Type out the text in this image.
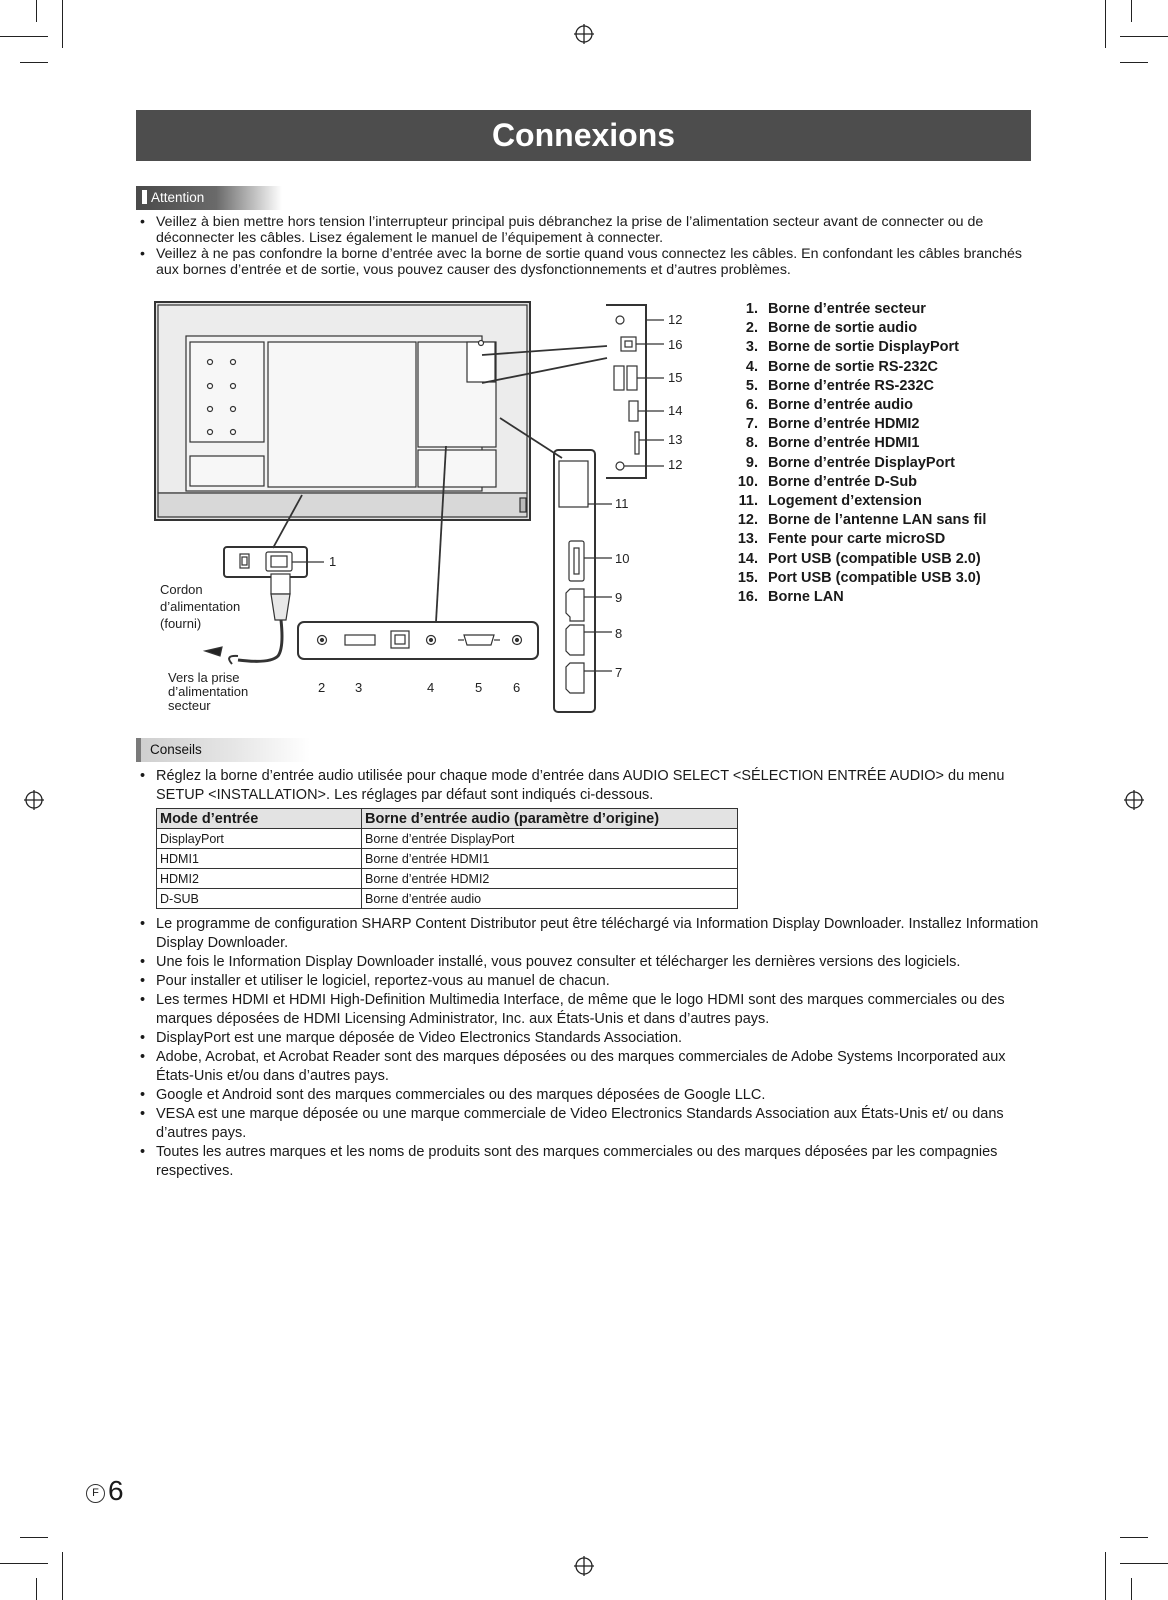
Connexions
Attention
• Veillez à bien mettre hors tension l’interrupteur principal puis débranchez la prise de l’alimentation secteur avant de connecter ou de déconnecter les câbles. Lisez également le manuel de l’équipement à connecter.
• Veillez à ne pas confondre la borne d’entrée avec la borne de sortie quand vous connectez les câbles. En confondant les câbles branchés aux bornes d’entrée et de sortie, vous pouvez causer des dysfonctionnements et d’autres problèmes.
12
16
15
14
13
12
11
10
9
8
7
2 3	4	5 6
1
Cordon
d’alimentation
(fourni)
Vers la prise
d’alimentation
secteur
1. Borne d’entrée secteur
2. Borne de sortie audio
3. Borne de sortie DisplayPort
4. Borne de sortie RS-232C
5. Borne d’entrée RS-232C
6. Borne d’entrée audio
7. Borne d’entrée HDMI2
8. Borne d’entrée HDMI1
9. Borne d’entrée DisplayPort
10. Borne d’entrée D-Sub
11. Logement d’extension
12. Borne de l’antenne LAN sans fil
13. Fente pour carte microSD
14. Port USB (compatible USB 2.0)
15. Port USB (compatible USB 3.0)
16. Borne LAN
Conseils
• Réglez la borne d’entrée audio utilisée pour chaque mode d’entrée dans AUDIO SELECT <SÉLECTION ENTRÉE AUDIO> du menu SETUP <INSTALLATION>. Les réglages par défaut sont indiqués ci-dessous.
Mode d’entrée	Borne d’entrée audio (paramètre d’origine)
DisplayPort	Borne d’entrée DisplayPort
HDMI1	Borne d’entrée HDMI1
HDMI2	Borne d’entrée HDMI2
D-SUB	Borne d’entrée audio
• Le programme de configuration SHARP Content Distributor peut être téléchargé via Information Display Downloader. Installez Information Display Downloader.
• Une fois le Information Display Downloader installé, vous pouvez consulter et télécharger les dernières versions des logiciels.
• Pour installer et utiliser le logiciel, reportez-vous au manuel de chacun.
• Les termes HDMI et HDMI High-Definition Multimedia Interface, de même que le logo HDMI sont des marques commerciales ou des marques déposées de HDMI Licensing Administrator, Inc. aux États-Unis et dans d’autres pays.
• DisplayPort est une marque déposée de Video Electronics Standards Association.
• Adobe, Acrobat, et Acrobat Reader sont des marques déposées ou des marques commerciales de Adobe Systems Incorporated aux États-Unis et/ou dans d’autres pays.
• Google et Android sont des marques commerciales ou des marques déposées de Google LLC.
• VESA est une marque déposée ou une marque commerciale de Video Electronics Standards Association aux États-Unis et/ ou dans d’autres pays.
• Toutes les autres marques et les noms de produits sont des marques commerciales ou des marques déposées par les compagnies respectives.
F 6
